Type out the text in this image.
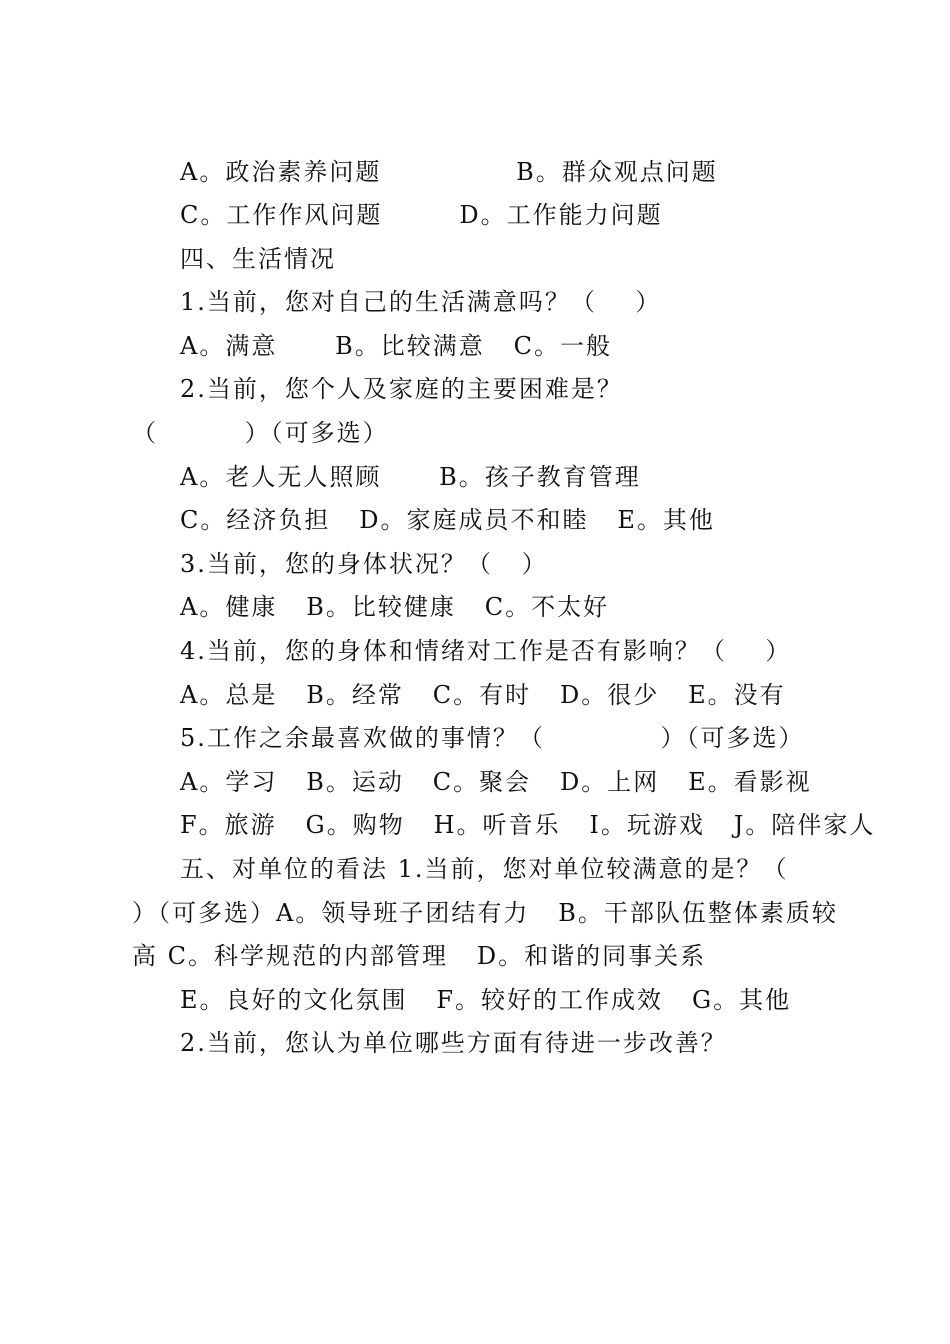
A。政治素养问题              B。群众观点问题
C。工作作风问题        D。工作能力问题
四、生活情况
1.当前，您对自己的生活满意吗？（    ）
A。满意      B。比较满意   C。一般
2.当前，您个人及家庭的主要困难是？
（         ）（可多选）
A。老人无人照顾      B。孩子教育管理
C。经济负担   D。家庭成员不和睦   E。其他
3.当前，您的身体状况？（   ）
A。健康   B。比较健康   C。不太好
4.当前，您的身体和情绪对工作是否有影响？（    ）
A。总是   B。经常   C。有时   D。很少   E。没有
5.工作之余最喜欢做的事情？（            ）（可多选）
A。学习   B。运动   C。聚会   D。上网   E。看影视
F。旅游   G。购物   H。听音乐   I。玩游戏   J。陪伴家人
五、对单位的看法 1.当前，您对单位较满意的是？（
）（可多选）A。领导班子团结有力   B。干部队伍整体素质较
高 C。科学规范的内部管理   D。和谐的同事关系
E。良好的文化氛围   F。较好的工作成效   G。其他
2.当前，您认为单位哪些方面有待进一步改善？
